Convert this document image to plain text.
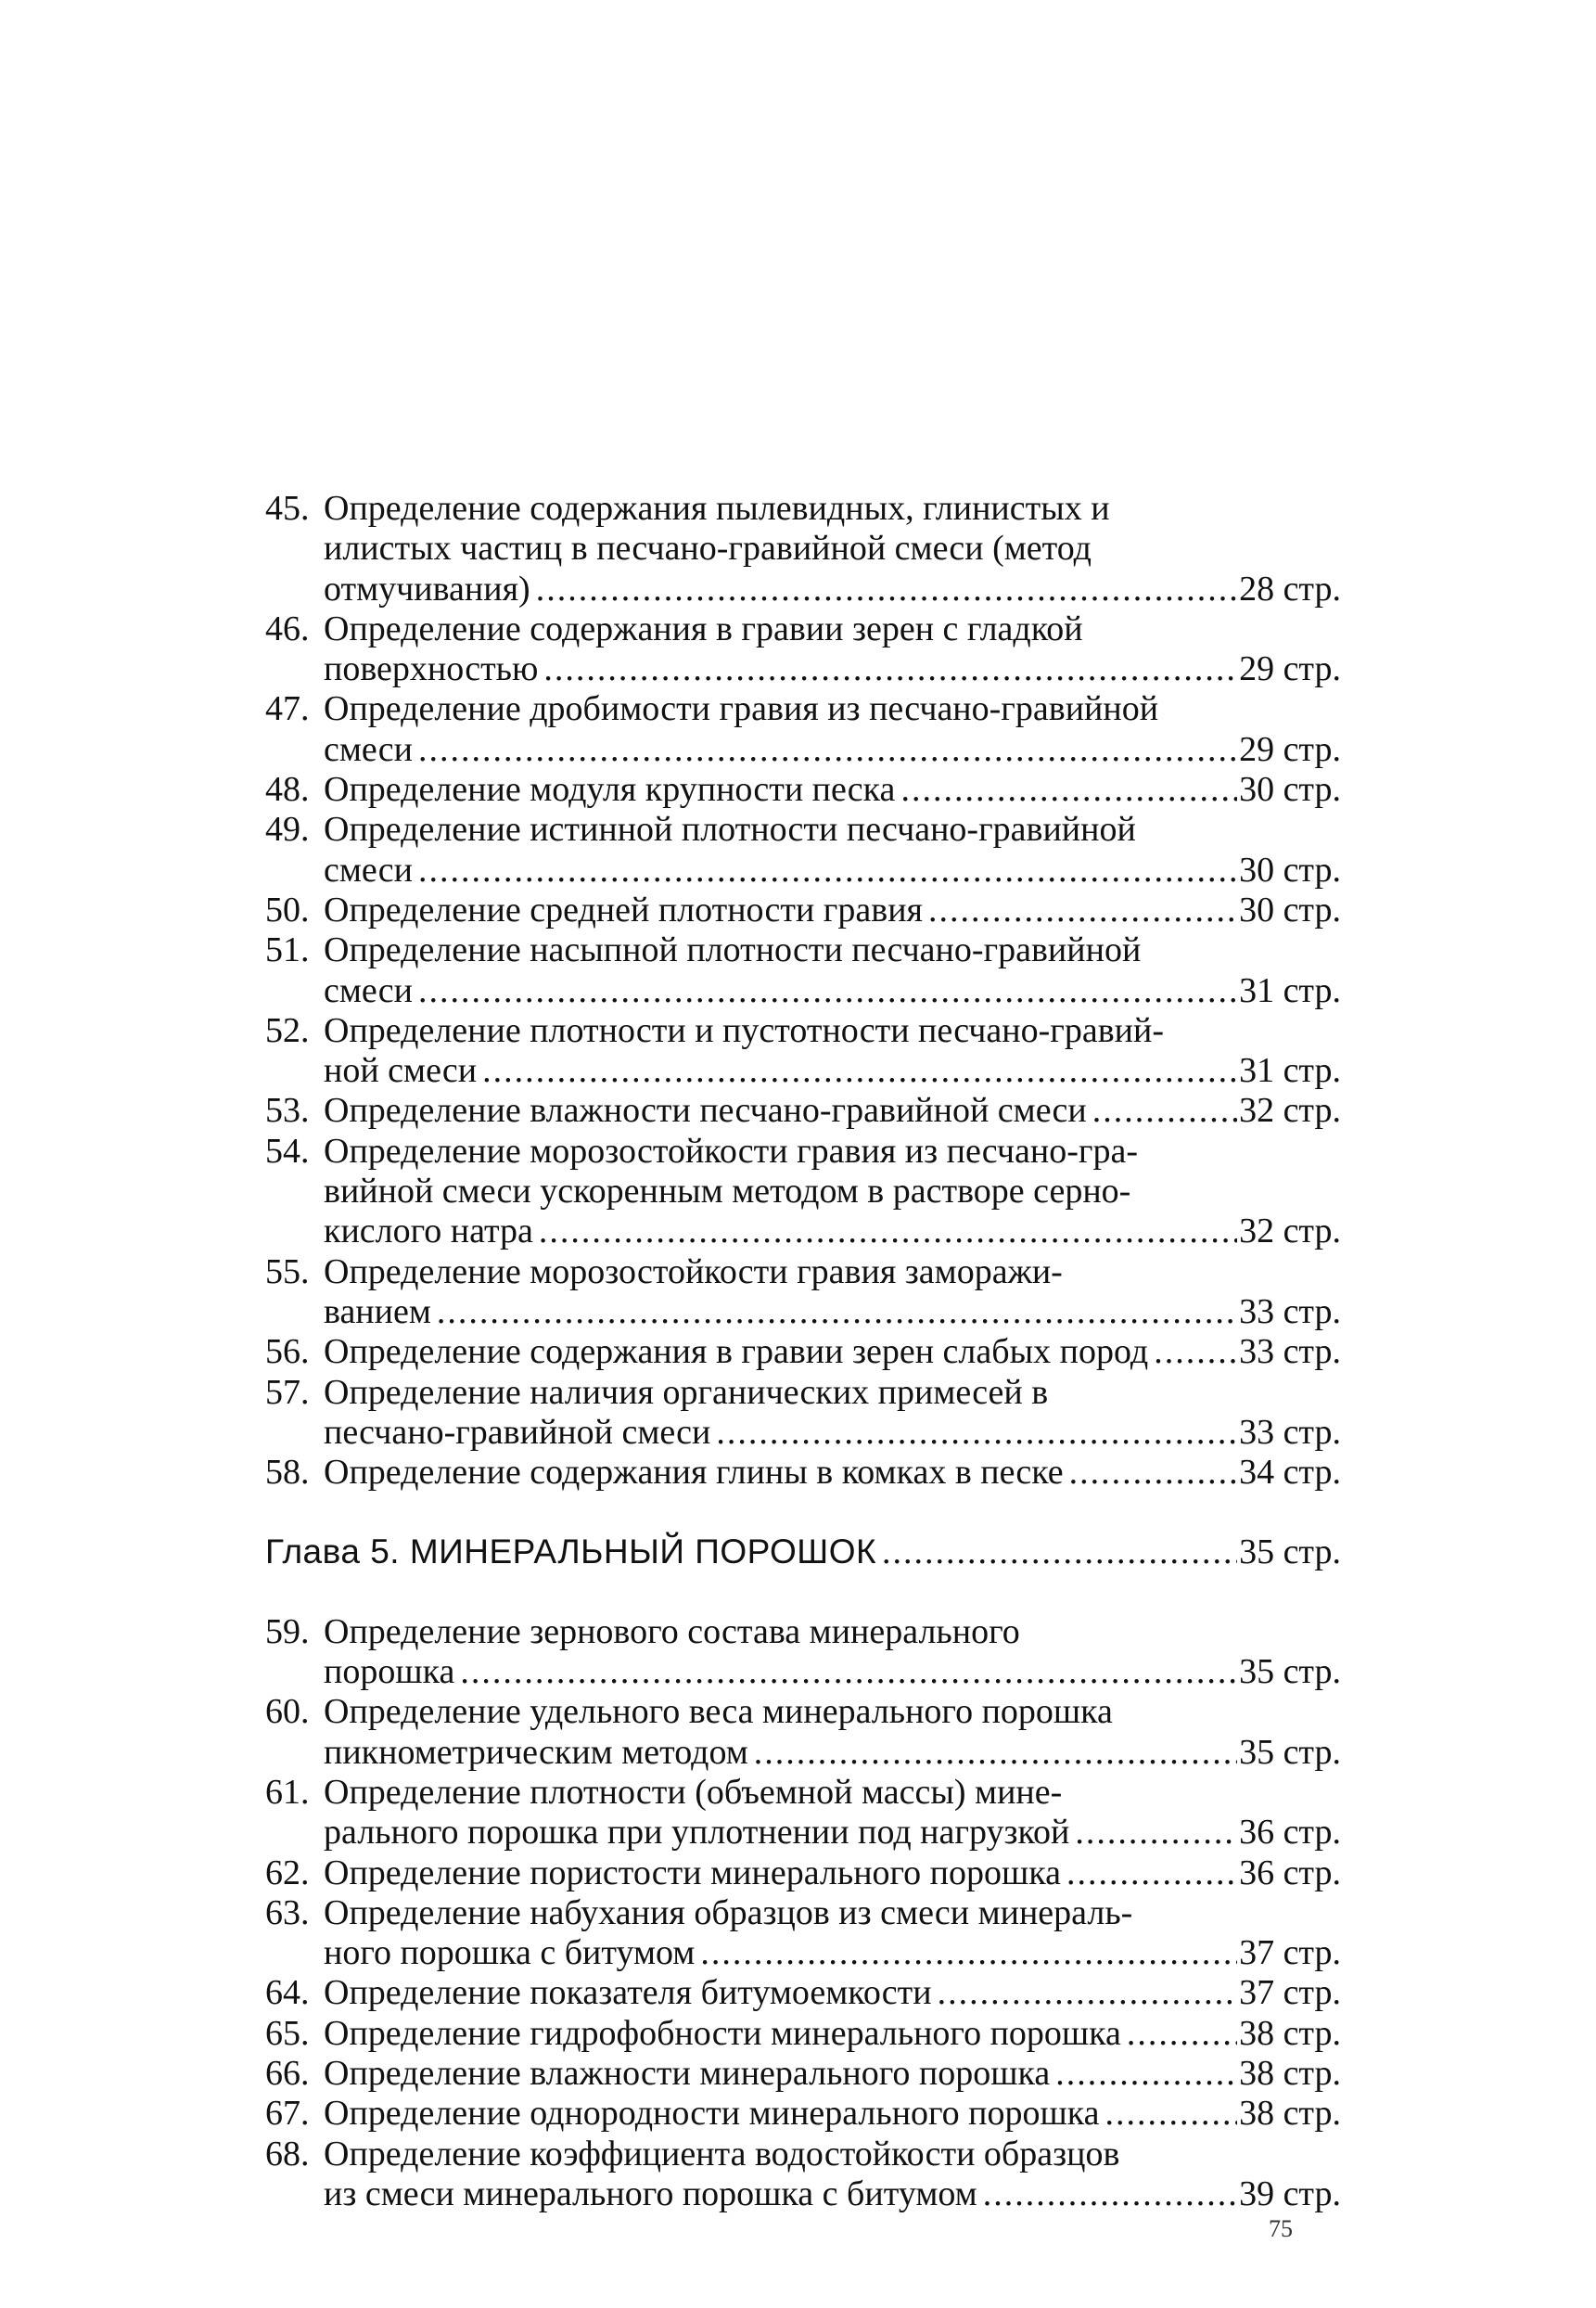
45. Определение содержания пылевидных, глинистых и
илистых частиц в песчано-гравийной смеси (метод
отмучивания) .....	28 стр.
46. Определение содержания в гравии зерен с гладкой
поверхностью .....	29 стр.
47. Определение дробимости гравия из песчано-гравийной
смеси .....	29 стр.
48. Определение модуля крупности песка .....	30 стр.
49. Определение истинной плотности песчано-гравийной
смеси .....	30 стр.
50. Определение средней плотности гравия .....	30 стр.
51. Определение насыпной плотности песчано-гравийной
смеси .....	31 стр.
52. Определение плотности и пустотности песчано-гравий-
ной смеси .....	31 стр.
53. Определение влажности песчано-гравийной смеси .....	32 стр.
54. Определение морозостойкости гравия из песчано-гра-
вийной смеси ускоренным методом в растворе серно-
кислого натра .....	32 стр.
55. Определение морозостойкости гравия заморажи-
ванием .....	33 стр.
56. Определение содержания в гравии зерен слабых пород .....	33 стр.
57. Определение наличия органических примесей в
песчано-гравийной смеси .....	33 стр.
58. Определение содержания глины в комках в песке .....	34 стр.
Глава 5. МИНЕРАЛЬНЫЙ ПОРОШОК .....	35 стр.
59. Определение зернового состава минерального
порошка .....	35 стр.
60. Определение удельного веса минерального порошка
пикнометрическим методом .....	35 стр.
61. Определение плотности (объемной массы) мине-
рального порошка при уплотнении под нагрузкой .....	36 стр.
62. Определение пористости минерального порошка .....	36 стр.
63. Определение набухания образцов из смеси минераль-
ного порошка с битумом .....	37 стр.
64. Определение показателя битумоемкости .....	37 стр.
65. Определение гидрофобности минерального порошка .....	38 стр.
66. Определение влажности минерального порошка .....	38 стр.
67. Определение однородности минерального порошка .....	38 стр.
68. Определение коэффициента водостойкости образцов
из смеси минерального порошка с битумом .....	39 стр.
75
